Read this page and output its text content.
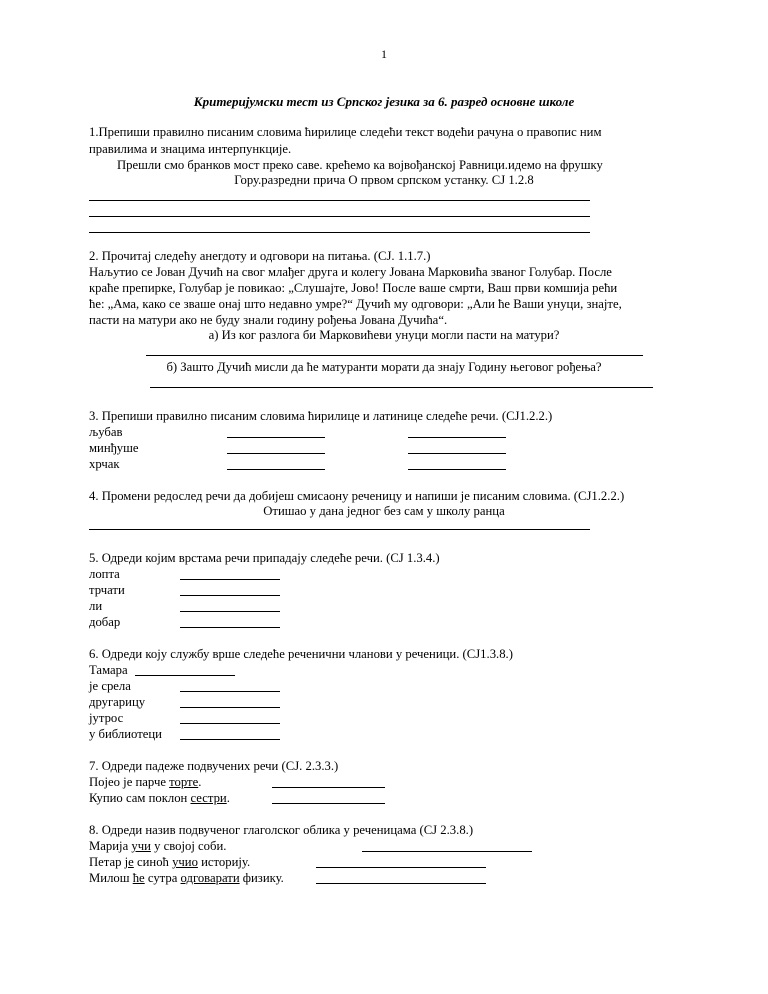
1
Критеријумски тест из Српског језика за 6. разред основне школе
1.Препиши правилно писаним словима ћирилице следећи текст водећи рачуна о правопис ним
правилима и знацима интерпункције.
Прешли смо бранков мост преко саве. крећемо ка војвођанској Равници.идемо на фрушку
Гору.разредни прича О првом српском устанку. CJ 1.2.8
2. Прочитај следећу анегдоту и одговори на питања. (CJ. 1.1.7.)
Наљутио се Јован Дучић на свог млађег друга и колегу Јована Марковића званог Голубар. После
краће препирке, Голубар је повикао: „Слушајте, Јово! После ваше смрти, Ваш први комшија рећи
ће: „Ама, како се зваше онај што недавно умре?“ Дучић му одговори: „Али ће Ваши унуци, знајте,
пасти на матури ако не буду знали годину рођења Јована Дучића“.
а) Из ког разлога би Марковићеви унуци могли пасти на матури?
б) Зашто Дучић мисли да ће матуранти морати да знају Годину његовог рођења?
3. Препиши правилно писаним словима ћирилице и латинице следеће речи. (CJ1.2.2.)
љубав
минђуше
хрчак
4. Промени редослед речи да добијеш смисаону реченицу и напиши је писаним словима. (CJ1.2.2.)
Отишао у дана једног без сам у школу ранца
5. Одреди којим врстама речи припадају следеће речи. (CJ 1.3.4.)
лопта
трчати
ли
добар
6. Одреди коју службу врше следеће реченични чланови у реченици. (CJ1.3.8.)
Тамара
је срела
другарицу
јутрос
у библиотеци
7. Одреди падеже подвучених речи (CJ. 2.3.3.)
Појео је парче торте.
Купио сам поклон сестри.
8. Одреди назив подвученог глаголског облика у реченицама (CJ 2.3.8.)
Марија учи у својој соби.
Петар је синоћ учио историју.
Милош ће сутра одговарати физику.
